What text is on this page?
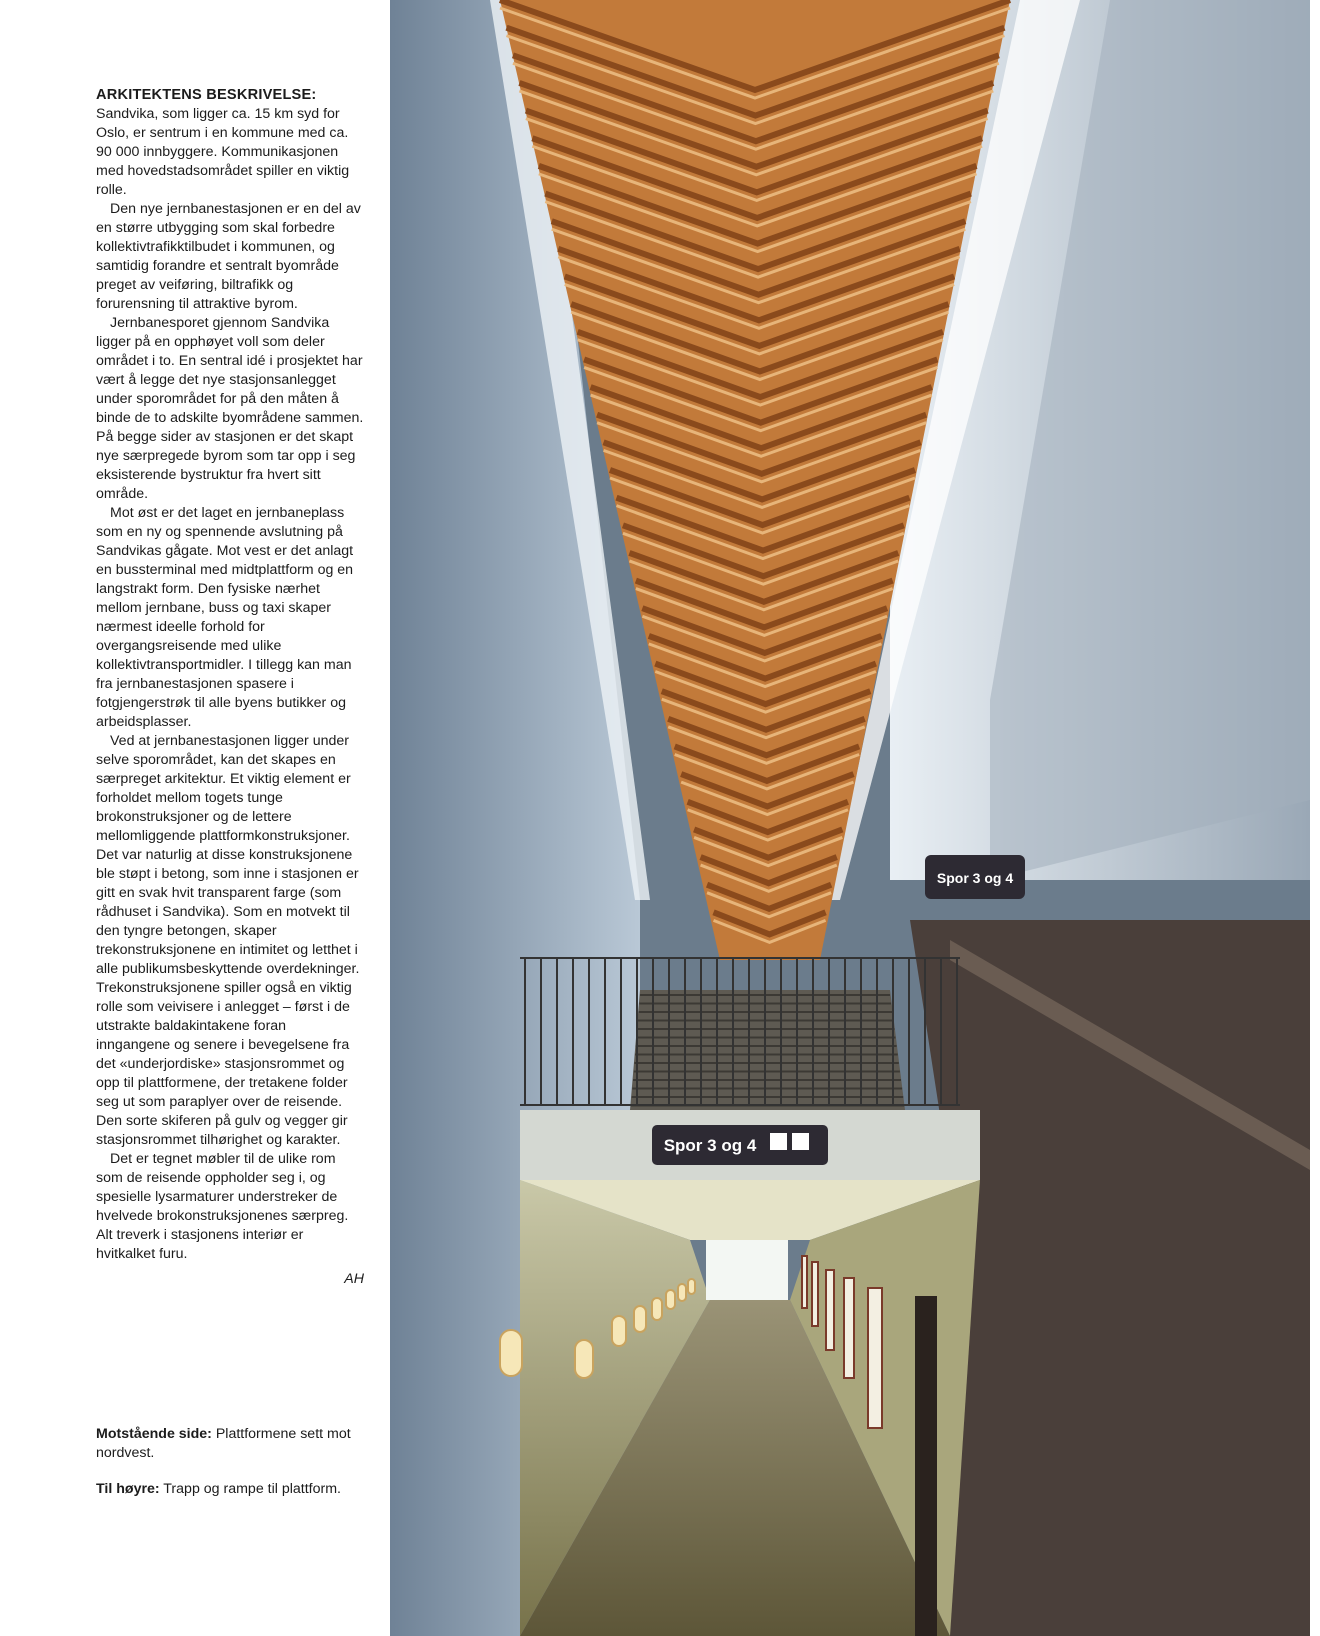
ARKITEKTENS BESKRIVELSE:

Sandvika, som ligger ca. 15 km syd for Oslo, er sentrum i en kommune med ca. 90 000 innbyggere. Kommunikasjonen med hovedstadsområdet spiller en viktig rolle.

Den nye jernbanestasjonen er en del av en større utbygging som skal forbedre kollektivtrafikktilbudet i kommunen, og samtidig forandre et sentralt byområde preget av veiføring, biltrafikk og forurensning til attraktive byrom.

Jernbanesporet gjennom Sandvika ligger på en opphøyet voll som deler området i to. En sentral idé i prosjektet har vært å legge det nye stasjonsanlegget under sporområdet for på den måten å binde de to adskilte byområdene sammen. På begge sider av stasjonen er det skapt nye særpregede byrom som tar opp i seg eksisterende bystruktur fra hvert sitt område.

Mot øst er det laget en jernbaneplass som en ny og spennende avslutning på Sandvikas gågate. Mot vest er det anlagt en bussterminal med midtplattform og en langstrakt form. Den fysiske nærhet mellom jernbane, buss og taxi skaper nærmest ideelle forhold for overgangsreisende med ulike kollektivtransportmidler. I tillegg kan man fra jernbanestasjonen spasere i fotgjengerstrøk til alle byens butikker og arbeidsplasser.

Ved at jernbanestasjonen ligger under selve sporområdet, kan det skapes en særpreget arkitektur. Et viktig element er forholdet mellom togets tunge brokonstruksjoner og de lettere mellomliggende plattformkonstruksjoner. Det var naturlig at disse konstruksjonene ble støpt i betong, som inne i stasjonen er gitt en svak hvit transparent farge (som rådhuset i Sandvika). Som en motvekt til den tyngre betongen, skaper trekonstruksjonene en intimitet og letthet i alle publikumsbeskyttende overdekninger. Trekonstruksjonene spiller også en viktig rolle som veivisere i anlegget – først i de utstrakte baldakintakene foran inngangene og senere i bevegelsene fra det «underjordiske» stasjonsrommet og opp til plattformene, der tretakene folder seg ut som paraplyer over de reisende. Den sorte skiferen på gulv og vegger gir stasjonsrommet tilhørighet og karakter.

Det er tegnet møbler til de ulike rom som de reisende oppholder seg i, og spesielle lysarmaturer understreker de hvelvede brokonstruksjonenes særpreg. Alt treverk i stasjonens interiør er hvitkalket furu.

AH

Motstående side: Plattformene sett mot nordvest.

Til høyre: Trapp og rampe til plattform.

Spor 3 og 4
Spor 3 og 4
